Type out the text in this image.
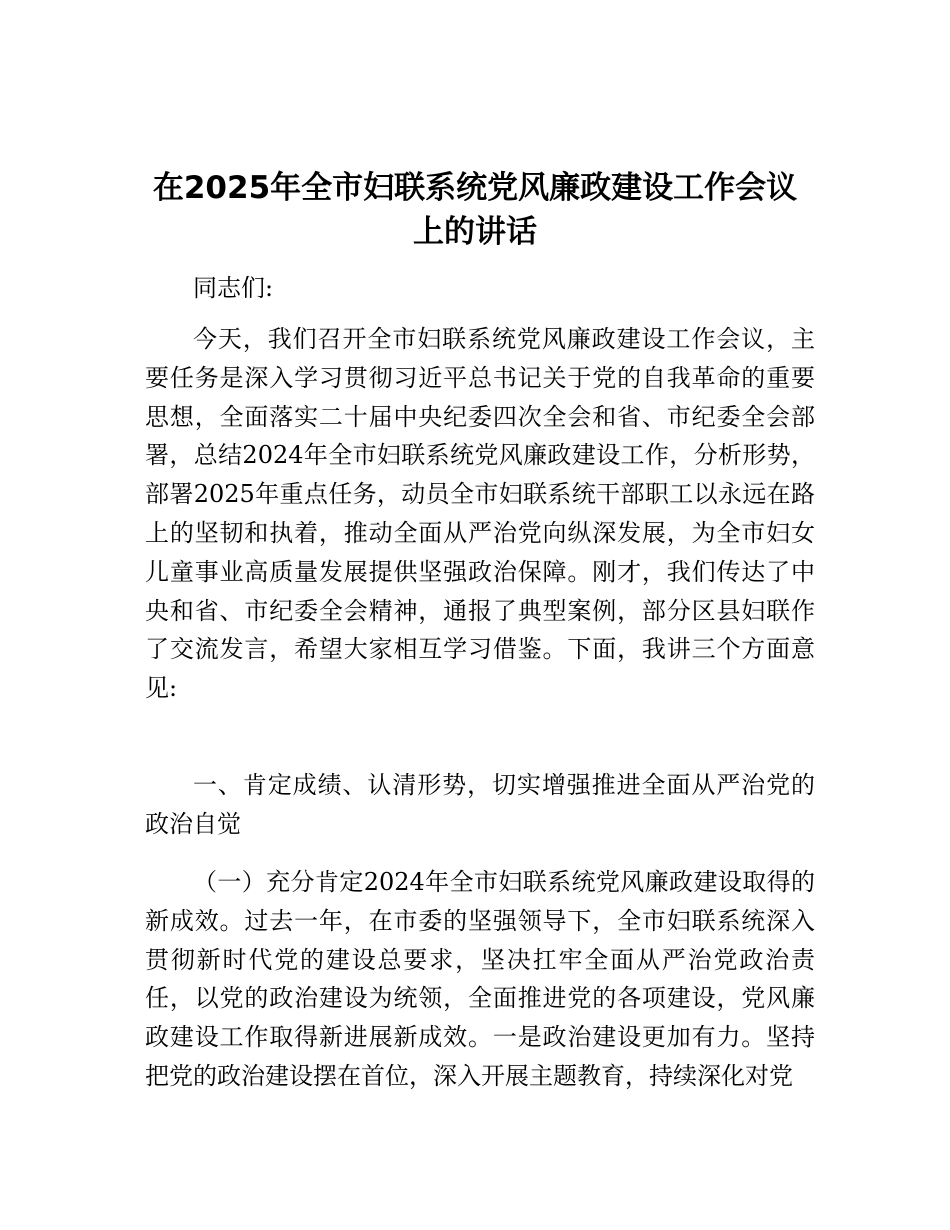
在2025年全市妇联系统党风廉政建设工作会议
上的讲话

同志们:

今天，我们召开全市妇联系统党风廉政建设工作会议，主要任务是深入学习贯彻习近平总书记关于党的自我革命的重要思想，全面落实二十届中央纪委四次全会和省、市纪委全会部署，总结2024年全市妇联系统党风廉政建设工作，分析形势，部署2025年重点任务，动员全市妇联系统干部职工以永远在路上的坚韧和执着，推动全面从严治党向纵深发展，为全市妇女儿童事业高质量发展提供坚强政治保障。刚才，我们传达了中央和省、市纪委全会精神，通报了典型案例，部分区县妇联作了交流发言，希望大家相互学习借鉴。下面，我讲三个方面意见:

一、肯定成绩、认清形势，切实增强推进全面从严治党的政治自觉

（一）充分肯定2024年全市妇联系统党风廉政建设取得的新成效。过去一年，在市委的坚强领导下，全市妇联系统深入贯彻新时代党的建设总要求，坚决扛牢全面从严治党政治责任，以党的政治建设为统领，全面推进党的各项建设，党风廉政建设工作取得新进展新成效。一是政治建设更加有力。坚持把党的政治建设摆在首位，深入开展主题教育，持续深化对党
